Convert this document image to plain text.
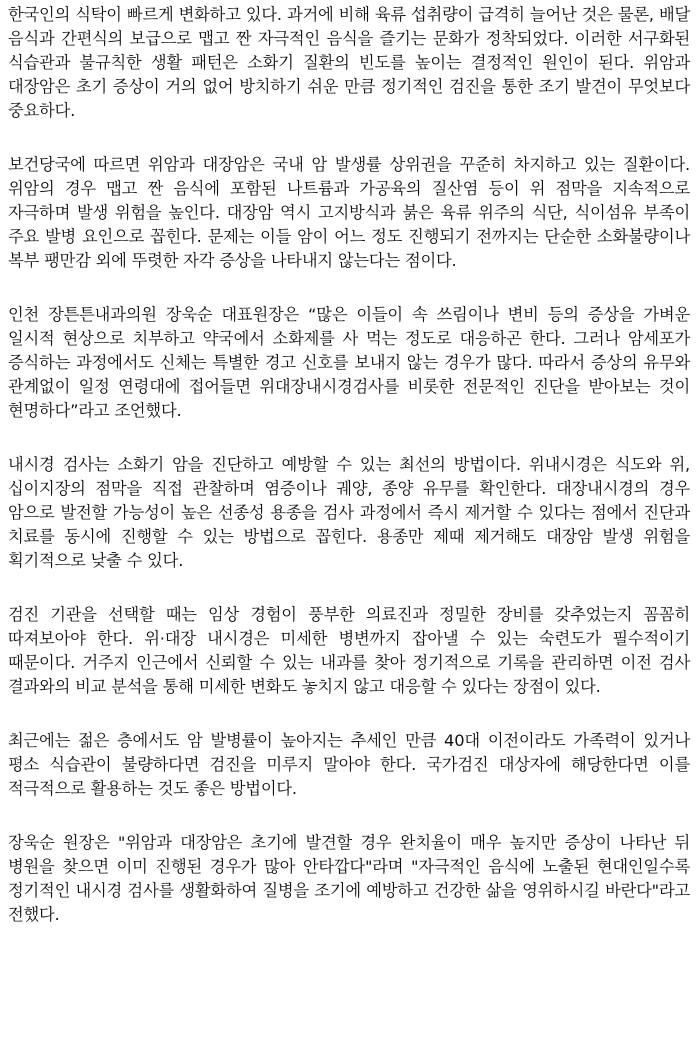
한국인의 식탁이 빠르게 변화하고 있다. 과거에 비해 육류 섭취량이 급격히 늘어난 것은 물론, 배달 음식과 간편식의 보급으로 맵고 짠 자극적인 음식을 즐기는 문화가 정착되었다. 이러한 서구화된 식습관과 불규칙한 생활 패턴은 소화기 질환의 빈도를 높이는 결정적인 원인이 된다. 위암과 대장암은 초기 증상이 거의 없어 방치하기 쉬운 만큼 정기적인 검진을 통한 조기 발견이 무엇보다 중요하다.

보건당국에 따르면 위암과 대장암은 국내 암 발생률 상위권을 꾸준히 차지하고 있는 질환이다. 위암의 경우 맵고 짠 음식에 포함된 나트륨과 가공육의 질산염 등이 위 점막을 지속적으로 자극하며 발생 위험을 높인다. 대장암 역시 고지방식과 붉은 육류 위주의 식단, 식이섬유 부족이 주요 발병 요인으로 꼽힌다. 문제는 이들 암이 어느 정도 진행되기 전까지는 단순한 소화불량이나 복부 팽만감 외에 뚜렷한 자각 증상을 나타내지 않는다는 점이다.

인천 장튼튼내과의원 장욱순 대표원장은 “많은 이들이 속 쓰림이나 변비 등의 증상을 가벼운 일시적 현상으로 치부하고 약국에서 소화제를 사 먹는 정도로 대응하곤 한다. 그러나 암세포가 증식하는 과정에서도 신체는 특별한 경고 신호를 보내지 않는 경우가 많다. 따라서 증상의 유무와 관계없이 일정 연령대에 접어들면 위대장내시경검사를 비롯한 전문적인 진단을 받아보는 것이 현명하다”라고 조언했다.

내시경 검사는 소화기 암을 진단하고 예방할 수 있는 최선의 방법이다. 위내시경은 식도와 위, 십이지장의 점막을 직접 관찰하며 염증이나 궤양, 종양 유무를 확인한다. 대장내시경의 경우 암으로 발전할 가능성이 높은 선종성 용종을 검사 과정에서 즉시 제거할 수 있다는 점에서 진단과 치료를 동시에 진행할 수 있는 방법으로 꼽힌다. 용종만 제때 제거해도 대장암 발생 위험을 획기적으로 낮출 수 있다.

검진 기관을 선택할 때는 임상 경험이 풍부한 의료진과 정밀한 장비를 갖추었는지 꼼꼼히 따져보아야 한다. 위·대장 내시경은 미세한 병변까지 잡아낼 수 있는 숙련도가 필수적이기 때문이다. 거주지 인근에서 신뢰할 수 있는 내과를 찾아 정기적으로 기록을 관리하면 이전 검사 결과와의 비교 분석을 통해 미세한 변화도 놓치지 않고 대응할 수 있다는 장점이 있다.

최근에는 젊은 층에서도 암 발병률이 높아지는 추세인 만큼 40대 이전이라도 가족력이 있거나 평소 식습관이 불량하다면 검진을 미루지 말아야 한다. 국가검진 대상자에 해당한다면 이를 적극적으로 활용하는 것도 좋은 방법이다.

장욱순 원장은 "위암과 대장암은 초기에 발견할 경우 완치율이 매우 높지만 증상이 나타난 뒤 병원을 찾으면 이미 진행된 경우가 많아 안타깝다"라며 "자극적인 음식에 노출된 현대인일수록 정기적인 내시경 검사를 생활화하여 질병을 조기에 예방하고 건강한 삶을 영위하시길 바란다"라고 전했다.
